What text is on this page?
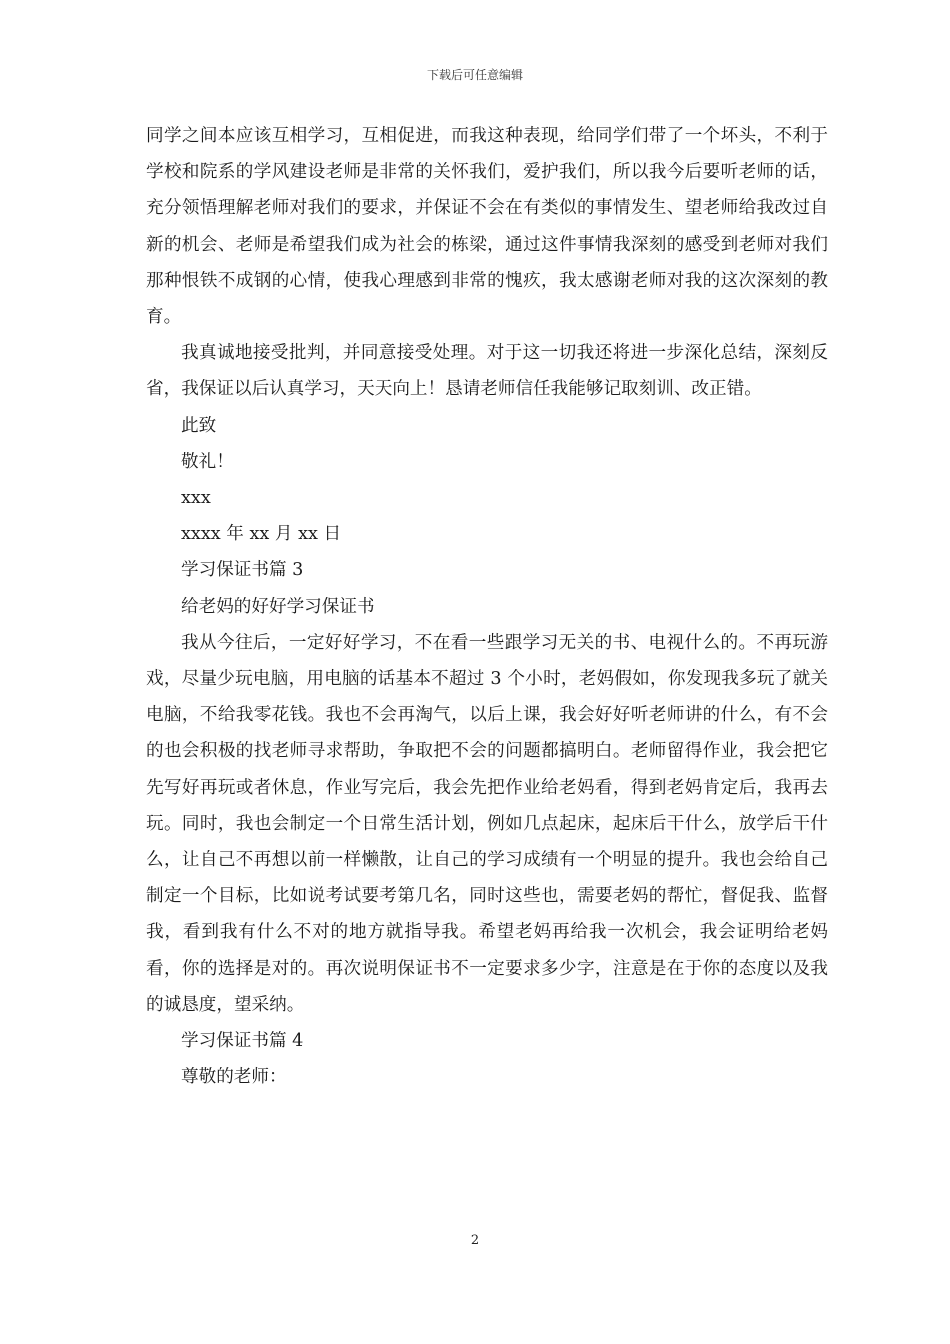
下载后可任意编辑

同学之间本应该互相学习，互相促进，而我这种表现，给同学们带了一个坏头，不利于学校和院系的学风建设老师是非常的关怀我们，爱护我们，所以我今后要听老师的话，充分领悟理解老师对我们的要求，并保证不会在有类似的事情发生、望老师给我改过自新的机会、老师是希望我们成为社会的栋梁，通过这件事情我深刻的感受到老师对我们那种恨铁不成钢的心情，使我心理感到非常的愧疚，我太感谢老师对我的这次深刻的教育。

我真诚地接受批判，并同意接受处理。对于这一切我还将进一步深化总结，深刻反省，我保证以后认真学习，天天向上！恳请老师信任我能够记取刻训、改正错。

此致

敬礼！

xxx

xxxx 年 xx 月 xx 日

学习保证书篇 3

给老妈的好好学习保证书

我从今往后，一定好好学习，不在看一些跟学习无关的书、电视什么的。不再玩游戏，尽量少玩电脑，用电脑的话基本不超过 3 个小时，老妈假如，你发现我多玩了就关电脑，不给我零花钱。我也不会再淘气，以后上课，我会好好听老师讲的什么，有不会的也会积极的找老师寻求帮助，争取把不会的问题都搞明白。老师留得作业，我会把它先写好再玩或者休息，作业写完后，我会先把作业给老妈看，得到老妈肯定后，我再去玩。同时，我也会制定一个日常生活计划，例如几点起床，起床后干什么，放学后干什么，让自己不再想以前一样懒散，让自己的学习成绩有一个明显的提升。我也会给自己制定一个目标，比如说考试要考第几名，同时这些也，需要老妈的帮忙，督促我、监督我，看到我有什么不对的地方就指导我。希望老妈再给我一次机会，我会证明给老妈看，你的选择是对的。再次说明保证书不一定要求多少字，注意是在于你的态度以及我的诚恳度，望采纳。

学习保证书篇 4

尊敬的老师：

2
